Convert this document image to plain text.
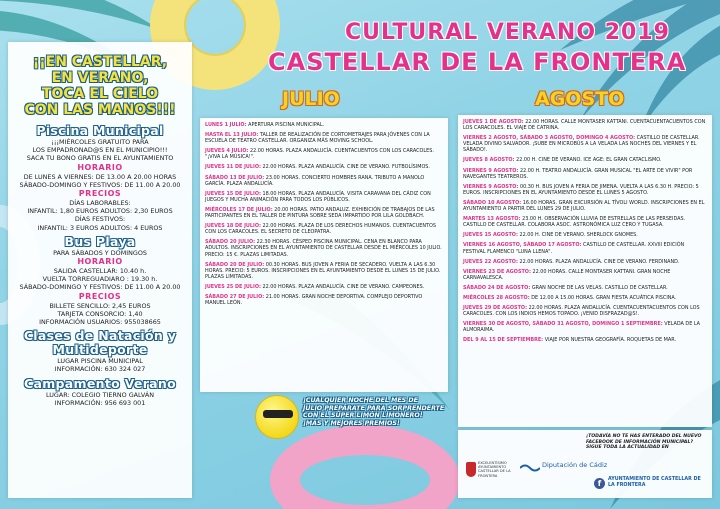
¡¡EN CASTELLAR,
EN VERANO,
TOCA EL CIELO
CON LAS MANOS!!!
Piscina Municipal
¡¡¡MIÉRCOLES GRATUITO PARA
LOS EMPADRONAD@S EN EL MUNICIPIO!!!
SACA TU BONO GRATIS EN EL AYUNTAMIENTO
HORARIO
DE LUNES A VIERNES: DE 13.00 A 20.00 HORAS
SÁBADO-DOMINGO Y FESTIVOS: DE 11.00 A 20.00
PRECIOS
DÍAS LABORABLES:
INFANTIL: 1,80 EUROS ADULTOS: 2,30 EUROS
DÍAS FESTIVOS:
INFANTIL: 3 EUROS ADULTOS: 4 EUROS
Bus Playa
PARA SÁBADOS Y DOMINGOS
HORARIO
SALIDA CASTELLAR: 10.40 h.
VUELTA TORREGUADIARO : 19.30 h.
SÁBADO-DOMINGO Y FESTIVOS: DE 11.00 A 20.00
PRECIOS
BILLETE SENCILLO: 2,45 EUROS
TARJETA CONSORCIO: 1,40
INFORMACIÓN USUARIOS: 955038665
Clases de Natación y Multideporte
LUGAR PISCINA MUNICIPAL
INFORMACIÓN: 630 324 027
Campamento Verano
LUGAR: COLEGIO TIERNO GALVÁN
INFORMACIÓN: 956 693 001
CULTURAL VERANO 2019
CASTELLAR DE LA FRONTERA
JULIO	AGOSTO
LUNES 1 JULIO: APERTURA PISCINA MUNICIPAL.
HASTA EL 13 JULIO: TALLER DE REALIZACIÓN DE CORTOMETRAJES PARA JÓVENES CON LA ESCUELA DE TEATRO CASTELLAR. ORGANIZA MÁS MOVING SCHOOL.
JUEVES 4 JULIO: 22.00 HORAS. PLAZA ANDALUCÍA. CUENTACUENTOS CON LOS CARACOLES. "¡VIVA LA MÚSICA!".
JUEVES 11 DE JULIO: 22.00 HORAS. PLAZA ANDALUCÍA. CINE DE VERANO. FUTBOLÍSIMOS.
SÁBADO 13 DE JULIO: 23.00 HORAS. CONCIERTO HOMBRES RANA. TRIBUTO A MANOLO GARCÍA. PLAZA ANDALUCÍA.
JUEVES 15 DE JULIO: 18.00 HORAS. PLAZA ANDALUCÍA. VISITA CARAVANA DEL CÁDIZ CON JUEGOS Y MUCHA ANIMACIÓN PARA TODOS LOS PÚBLICOS.
MIÉRCOLES 17 DE JULIO: 20.00 HORAS. PATIO ANDALUZ. EXHIBICIÓN DE TRABAJOS DE LAS PARTICIPANTES EN EL TALLER DE PINTURA SOBRE SEDA IMPARTIDO POR LILA GOLDBACH.
JUEVES 18 DE JULIO: 22.00 HORAS. PLAZA DE LOS DERECHOS HUMANOS. CUENTACUENTOS CON LOS CARACOLES. EL SECRETO DE CLEOPATRA.
SÁBADO 20 JULIO: 22.30 HORAS. CÉSPED PISCINA MUNICIPAL. CENA EN BLANCO PARA ADULTOS. INSCRIPCIONES EN EL AYUNTAMIENTO DE CASTELLAR DESDE EL MIÉRCOLES 10 JULIO. PRECIO: 15 €. PLAZAS LIMITADAS.
SÁBADO 20 DE JULIO: 00.30 HORAS. BUS JOVEN A FERIA DE SECADERO. VUELTA A LAS 6.30 HORAS. PRECIO: 5 EUROS. INSCRIPCIONES EN EL AYUNTAMIENTO DESDE EL LUNES 15 DE JULIO. PLAZAS LIMITADAS.
JUEVES 25 DE JULIO: 22.00 HORAS. PLAZA ANDALUCÍA. CINE DE VERANO. CAMPEONES.
SÁBADO 27 DE JULIO: 21.00 HORAS. GRAN NOCHE DEPORTIVA. COMPLEJO DEPORTIVO MANUEL LEÓN.
JUEVES 1 DE AGOSTO: 22.00 HORAS. CALLE MONTASER KATTANI. CUENTACUENTACUENTOS CON LOS CARACOLES. EL VIAJE DE CATRINA.
VIERNES 2 AGOSTO, SÁBADO 3 AGOSTO, DOMINGO 4 AGOSTO: CASTILLO DE CASTELLAR. VELADA DIVINO SALVADOR. ¡SUBE EN MICROBÚS A LA VELADA LAS NOCHES DEL VIERNES Y EL SÁBADO!.
JUEVES 8 AGOSTO: 22.00 H. CINE DE VERANO. ICE AGE: EL GRAN CATACLISMO.
VIERNES 9 AGOSTO: 22.00 H. TEATRO ANDALUCÍA. GRAN MUSICAL "EL ARTE DE VIVIR" POR NAVEGANTES TEATREROS.
VIERNES 9 AGOSTO: 00.30 H. BUS JOVEN A FERIA DE JIMENA. VUELTA A LAS 6.30 H. PRECIO: 5 EUROS. INSCRIPCIONES EN EL AYUNTAMIENTO DESDE EL LUNES 5 AGOSTO.
SÁBADO 10 AGOSTO: 16.00 HORAS. GRAN EXCURSIÓN AL TÍVOLI WORLD. INSCRIPCIONES EN EL AYUNTAMIENTO A PARTIR DEL LUNES 29 DE JULIO.
MARTES 13 AGOSTO: 23.00 H. OBSERVACIÓN LLUVIA DE ESTRELLAS DE LAS PERSEIDAS. CASTILLO DE CASTELLAR. COLABORA ASOC. ASTRONÓMICA LUZ CERO Y TUGASA.
JUEVES 15 AGOSTO: 22.00 H. CINE DE VERANO. SHERLOCK GNOMES.
VIERNES 16 AGOSTO, SÁBADO 17 AGOSTO: CASTILLO DE CASTELLAR. XXVIII EDICIÓN FESTIVAL FLAMENCO "LUNA LLENA".
JUEVES 22 AGOSTO: 22.00 HORAS. PLAZA ANDALUCÍA. CINE DE VERANO. FERDINAND.
VIERNES 23 DE AGOSTO: 22.00 HORAS. CALLE MONTASER KATTANI. GRAN NOCHE CARNAVALESCA.
SÁBADO 24 DE AGOSTO: GRAN NOCHE DE LAS VELAS. CASTILLO DE CASTELLAR.
MIÉRCOLES 28 AGOSTO: DE 12.00 A 15.00 HORAS. GRAN FIESTA ACUÁTICA PISCINA.
JUEVES 29 DE AGOSTO: 22.00 HORAS. PLAZA ANDALUCÍA. CUENTACUENTACUENTOS CON LOS CARACOLES. CON LOS INDIOS HEMOS TOPADO. ¡VENID DISFRAZAD@S!.
VIERNES 30 DE AGOSTO, SÁBADO 31 AGOSTO, DOMINGO 1 SEPTIEMBRE: VELADA DE LA ALMORAIMA.
DEL 9 AL 15 DE SEPTIEMBRE: VIAJE POR NUESTRA GEOGRAFÍA. ROQUETAS DE MAR.
¡CUALQUIER NOCHE DEL MES DE
JULIO PREPÁRATE PARA SORPRENDERTE
CON EL SÚPER LIMÓN LIMONERO!
¡MÁS Y MEJORES PREMIOS!
EXCELENTÍSIMO AYUNTAMIENTO CASTELLAR DE LA FRONTERA
Diputación de Cádiz
¡TODAVÍA NO TE HAS ENTERADO DEL NUEVO FACEBOOK DE INFORMACIÓN MUNICIPAL? SIGUE TODA LA ACTUALIDAD EN
f	AYUNTAMIENTO DE CASTELLAR DE LA FRONTERA
